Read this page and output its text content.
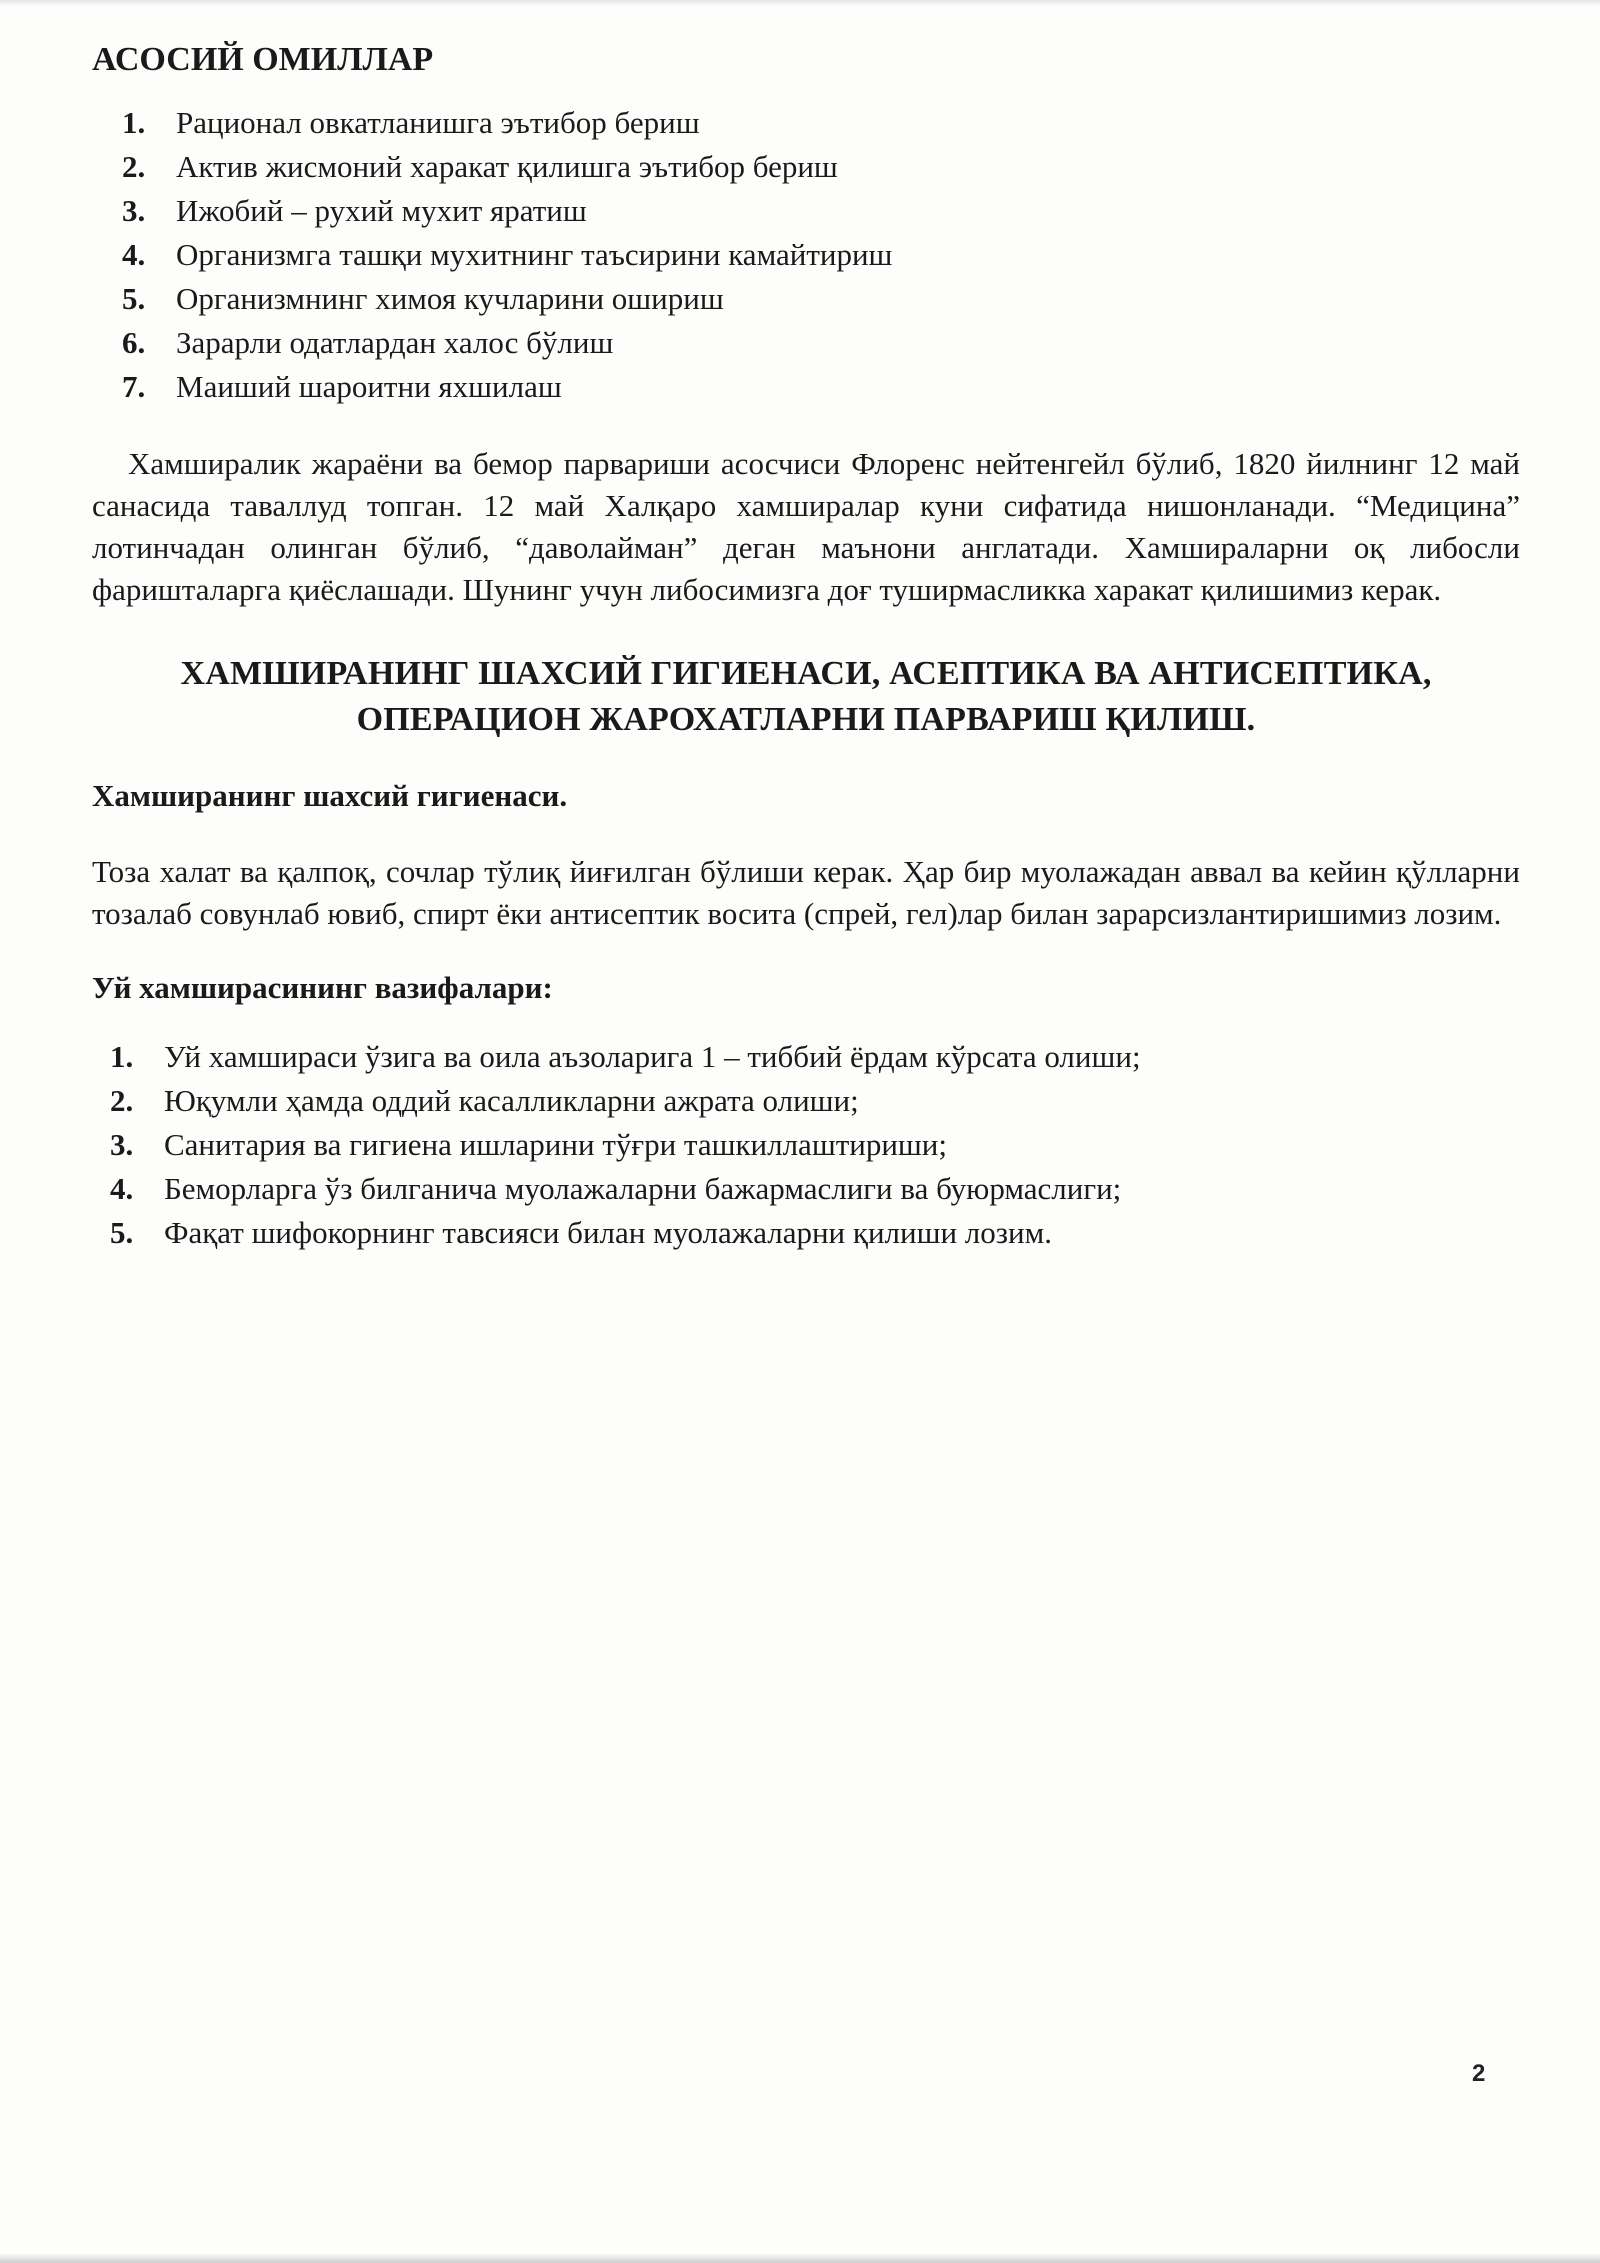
АСОСИЙ ОМИЛЛАР
1. Рационал овкатланишга эътибор бериш
2. Актив жисмоний харакат қилишга эътибор бериш
3. Ижобий – рухий мухит яратиш
4. Организмга ташқи мухитнинг таъсирини камайтириш
5. Организмнинг химоя кучларини ошириш
6. Зарарли одатлардан халос бўлиш
7. Маиший шароитни яхшилаш

Хамширалик жараёни ва бемор парвариши асосчиси Флоренс нейтенгейл бўлиб, 1820 йилнинг 12 май санасида таваллуд топган. 12 май Халқаро хамширалар куни сифатида нишонланади. “Медицина” лотинчадан олинган бўлиб, “даволайман” деган маънони англатади. Хамшираларни оқ либосли фаришталарга қиёслашади. Шунинг учун либосимизга доғ туширмасликка харакат қилишимиз керак.

ХАМШИРАНИНГ ШАХСИЙ ГИГИЕНАСИ, АСЕПТИКА ВА АНТИСЕПТИКА,
ОПЕРАЦИОН ЖАРОХАТЛАРНИ ПАРВАРИШ ҚИЛИШ.
Хамширанинг шахсий гигиенаси.

Тоза халат ва қалпоқ, сочлар тўлиқ йиғилган бўлиши керак. Ҳар бир муолажадан аввал ва кейин қўлларни тозалаб совунлаб ювиб, спирт ёки антисептик восита (спрей, гел)лар билан зарарсизлантиришимиз лозим.

Уй хамширасининг вазифалари:
1. Уй хамшираси ўзига ва оила аъзоларига 1 – тиббий ёрдам кўрсата олиши;
2. Юқумли ҳамда оддий касалликларни ажрата олиши;
3. Санитария ва гигиена ишларини тўғри ташкиллаштириши;
4. Беморларга ўз билганича муолажаларни бажармаслиги ва буюрмаслиги;
5. Фақат шифокорнинг тавсияси билан муолажаларни қилиши лозим.
2
